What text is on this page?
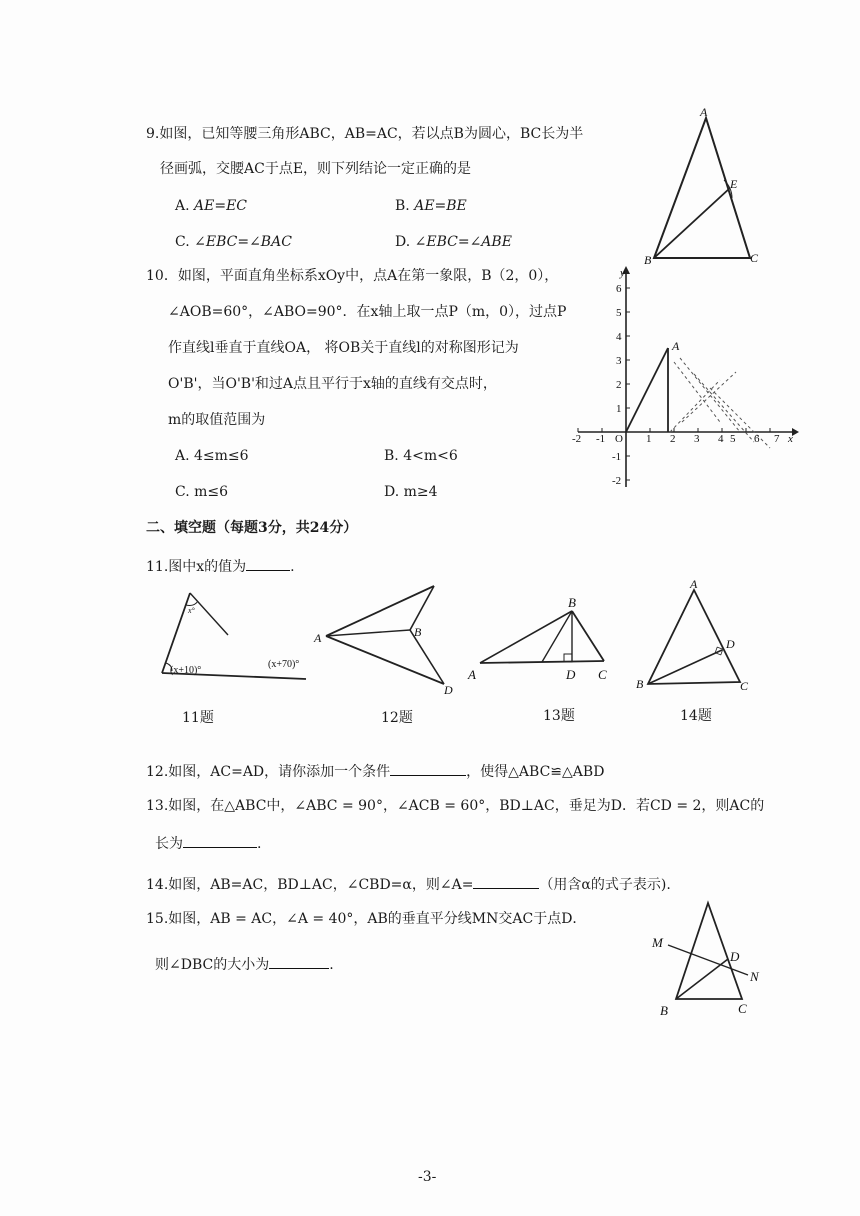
9.如图，已知等腰三角形ABC，AB=AC，若以点B为圆心，BC长为半
径画弧，交腰AC于点E，则下列结论一定正确的是
A. AE=EC	B. AE=BE
C. ∠EBC=∠BAC	D. ∠EBC=∠ABE
A
B	C
E
10．如图，平面直角坐标系xOy中，点A在第一象限，B（2，0），
∠AOB=60°，∠ABO=90°．在x轴上取一点P（m，0），过点P
作直线l垂直于直线OA， 将OB关于直线l的对称图形记为
O'B'，当O'B'和过A点且平行于x轴的直线有交点时，
m的取值范围为
A. 4≤m≤6	B. 4<m<6
C. m≤6	D. m≥4
A
-2 -1 O 1 2 3 4 5 6 7 x
6
5
4
3
2
1
-1
-2
y
二、填空题（每题3分，共24分）
11.图中x的值为	.
x°
(x+10)°
(x+70)°
A	B
D
B
A	D C
A
B	C
D
11题	12题	13题	14题
12.如图，AC=AD，请你添加一个条件	，使得△ABC≌△ABD
13.如图，在△ABC中，∠ABC = 90°，∠ACB = 60°，BD⊥AC，垂足为D．若CD = 2，则AC的
长为	.
14.如图，AB=AC，BD⊥AC，∠CBD=α，则∠A=	（用含α的式子表示).
15.如图，AB = AC，∠A = 40°，AB的垂直平分线MN交AC于点D．
则∠DBC的大小为	.
M
N
D
B	C
-3-
